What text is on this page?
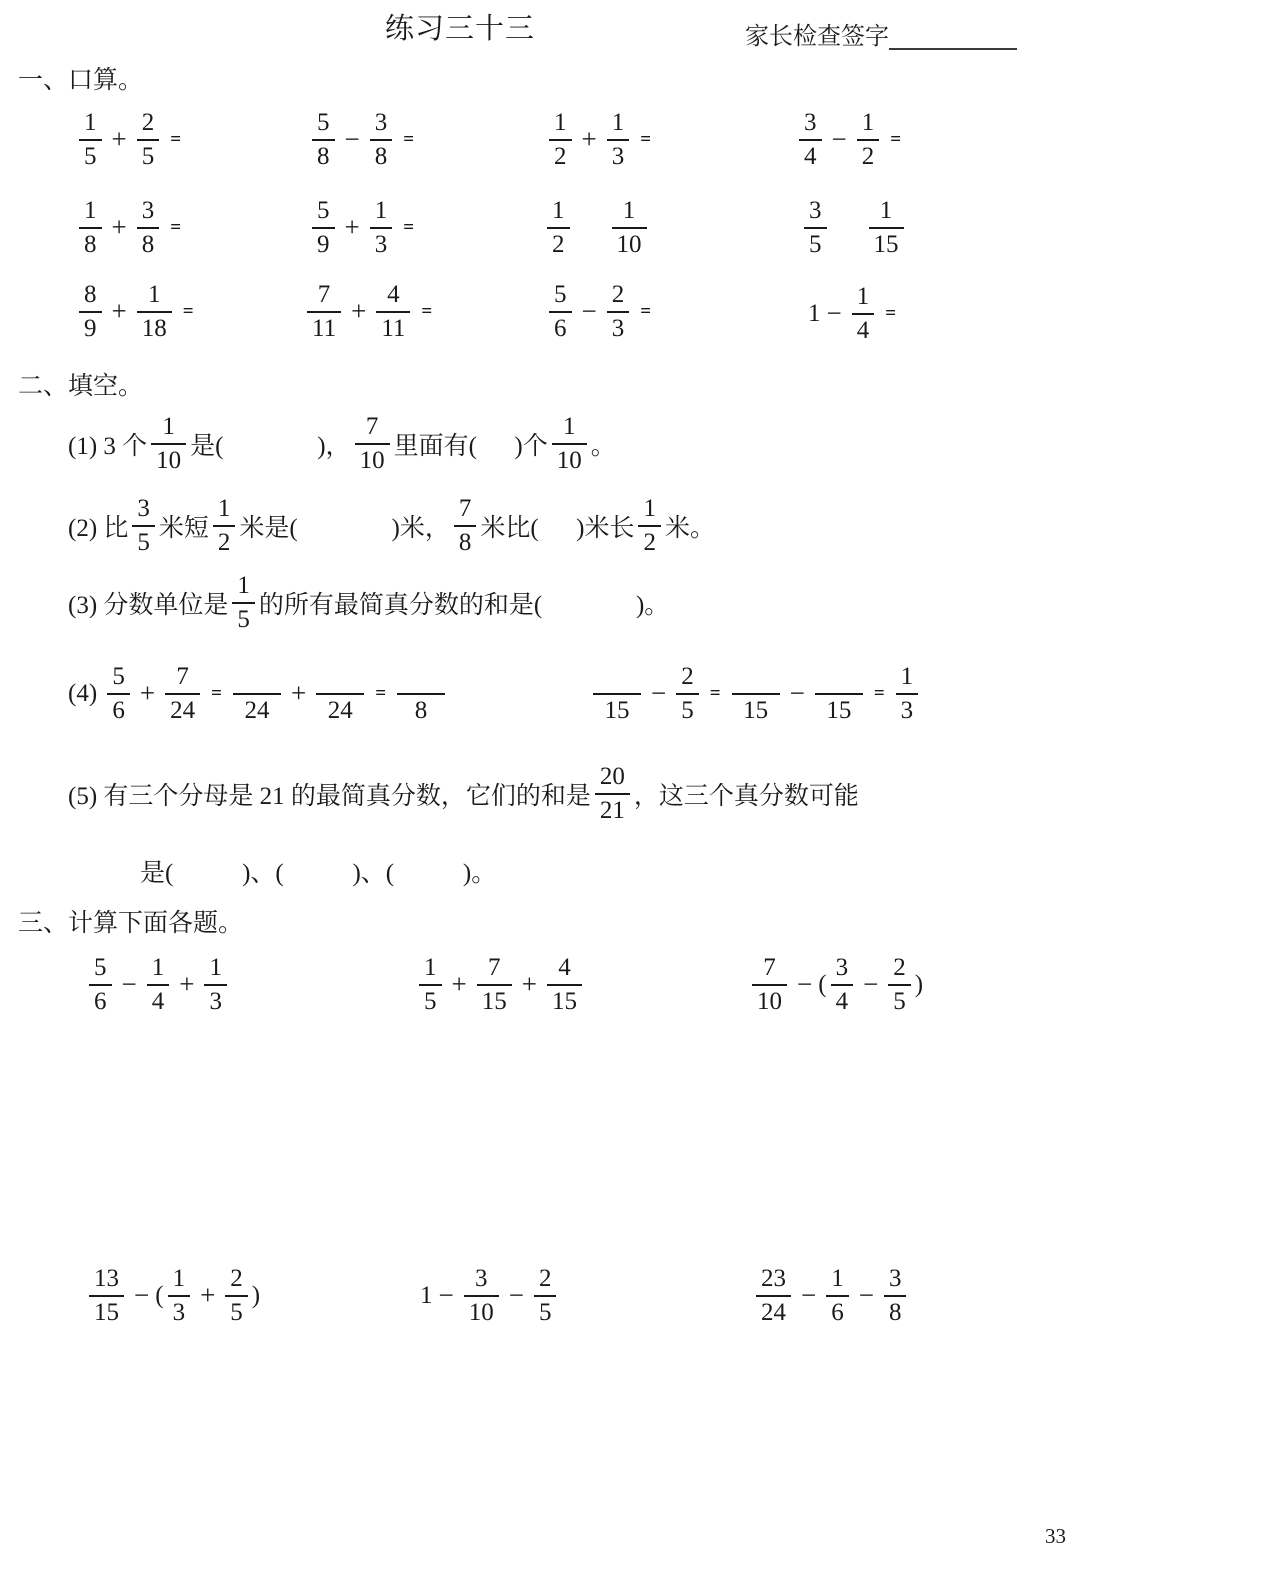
练习三十三	家长检查签字
一、口算。
$\frac{1}{5} + \frac{2}{5}$ =	$\frac{5}{8} - \frac{3}{8}$ =	$\frac{1}{2} + \frac{1}{3}$ =	$\frac{3}{4} - \frac{1}{2}$ =
$\frac{1}{8} + \frac{3}{8}$ =	$\frac{5}{9} + \frac{1}{3}$ =	$\frac{1}{2} \frac{1}{10}$	$\frac{3}{5} \frac{1}{15}$
$\frac{8}{9} + \frac{1}{18}$ =	$\frac{7}{11} + \frac{4}{11}$ =	$\frac{5}{6} - \frac{2}{3}$ =	$1 - \frac{1}{4}$ =
二、填空。
(1) 3 个 $\frac{1}{10}$ 是(               )， $\frac{7}{10}$ 里面有(      )个 $\frac{1}{10}$ 。
(2) 比 $\frac{3}{5}$ 米短 $\frac{1}{2}$ 米是(               )米， $\frac{7}{8}$ 米比(      )米长 $\frac{1}{2}$ 米。
(3) 分数单位是 $\frac{1}{5}$ 的所有最简真分数的和是(               )。
$(4) \frac{5}{6} + \frac{7}{24}$ =

24
+

24
=

8
	15
− $\frac{2}{5}$ =

15
−

15
= $\frac{1}{3}$
(5) 有三个分母是 21 的最简真分数，它们的和是 $\frac{20}{21}$ ，这三个真分数可能
是(           )、(           )、(           )。
三、计算下面各题。
$\frac{5}{6} - \frac{1}{4} + \frac{1}{3}$	$\frac{1}{5} + \frac{7}{15} + \frac{4}{15}$	$\frac{7}{10}$ − ( $\frac{3}{4} - \frac{2}{5}$ )
$\frac{13}{15}$ − ( $\frac{1}{3} + \frac{2}{5}$ )	$1 - \frac{3}{10} - \frac{2}{5}$	$\frac{23}{24} - \frac{1}{6} - \frac{3}{8}$
33
